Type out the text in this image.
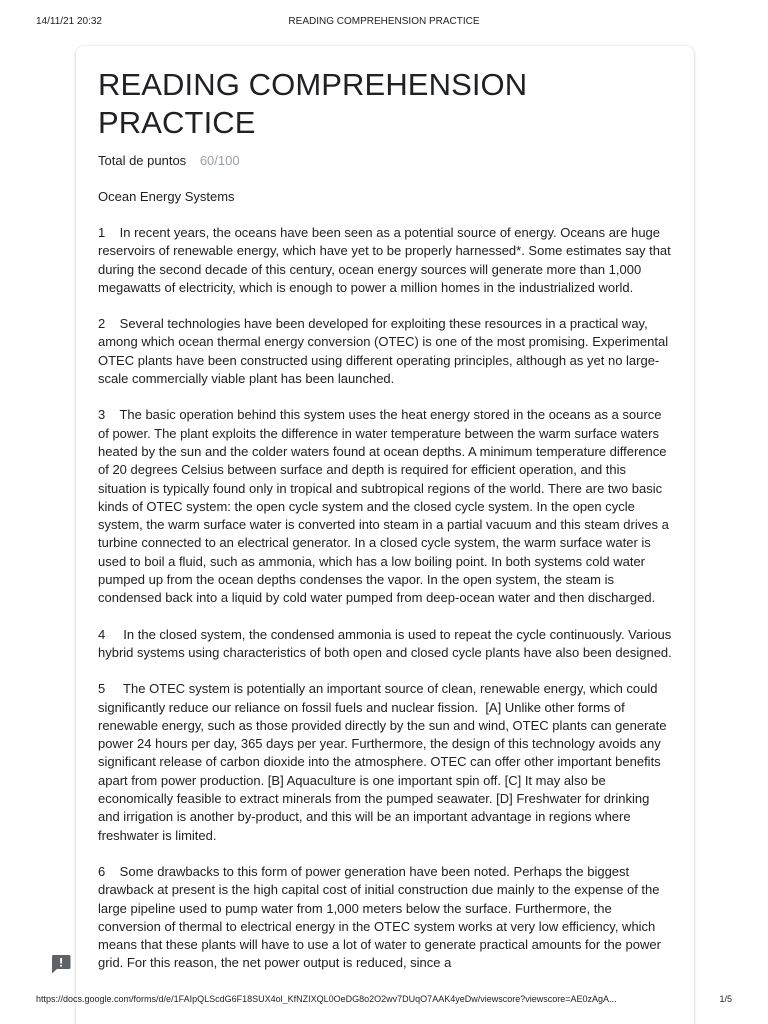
14/11/21 20:32	READING COMPREHENSION PRACTICE
READING COMPREHENSION PRACTICE
Total de puntos 60/100
Ocean Energy Systems
1    In recent years, the oceans have been seen as a potential source of energy. Oceans are huge reservoirs of renewable energy, which have yet to be properly harnessed*. Some estimates say that during the second decade of this century, ocean energy sources will generate more than 1,000 megawatts of electricity, which is enough to power a million homes in the industrialized world.
2    Several technologies have been developed for exploiting these resources in a practical way, among which ocean thermal energy conversion (OTEC) is one of the most promising. Experimental OTEC plants have been constructed using different operating principles, although as yet no large-scale commercially viable plant has been launched.
3    The basic operation behind this system uses the heat energy stored in the oceans as a source of power. The plant exploits the difference in water temperature between the warm surface waters heated by the sun and the colder waters found at ocean depths. A minimum temperature difference of 20 degrees Celsius between surface and depth is required for efficient operation, and this situation is typically found only in tropical and subtropical regions of the world. There are two basic kinds of OTEC system: the open cycle system and the closed cycle system. In the open cycle system, the warm surface water is converted into steam in a partial vacuum and this steam drives a turbine connected to an electrical generator. In a closed cycle system, the warm surface water is used to boil a fluid, such as ammonia, which has a low boiling point. In both systems cold water pumped up from the ocean depths condenses the vapor. In the open system, the steam is condensed back into a liquid by cold water pumped from deep-ocean water and then discharged.
4     In the closed system, the condensed ammonia is used to repeat the cycle continuously. Various hybrid systems using characteristics of both open and closed cycle plants have also been designed.
5     The OTEC system is potentially an important source of clean, renewable energy, which could significantly reduce our reliance on fossil fuels and nuclear fission.  [A] Unlike other forms of renewable energy, such as those provided directly by the sun and wind, OTEC plants can generate power 24 hours per day, 365 days per year. Furthermore, the design of this technology avoids any significant release of carbon dioxide into the atmosphere. OTEC can offer other important benefits apart from power production. [B] Aquaculture is one important spin off. [C] It may also be economically feasible to extract minerals from the pumped seawater. [D] Freshwater for drinking and irrigation is another by-product, and this will be an important advantage in regions where freshwater is limited.
6    Some drawbacks to this form of power generation have been noted. Perhaps the biggest drawback at present is the high capital cost of initial construction due mainly to the expense of the large pipeline used to pump water from 1,000 meters below the surface. Furthermore, the conversion of thermal to electrical energy in the OTEC system works at very low efficiency, which means that these plants will have to use a lot of water to generate practical amounts for the power grid. For this reason, the net power output is reduced, since a
https://docs.google.com/forms/d/e/1FAIpQLScdG6F18SUX4ol_KfNZIXQL0OeDG8o2O2wv7DUqO7AAK4yeDw/viewscore?viewscore=AE0zAgA...	1/5
